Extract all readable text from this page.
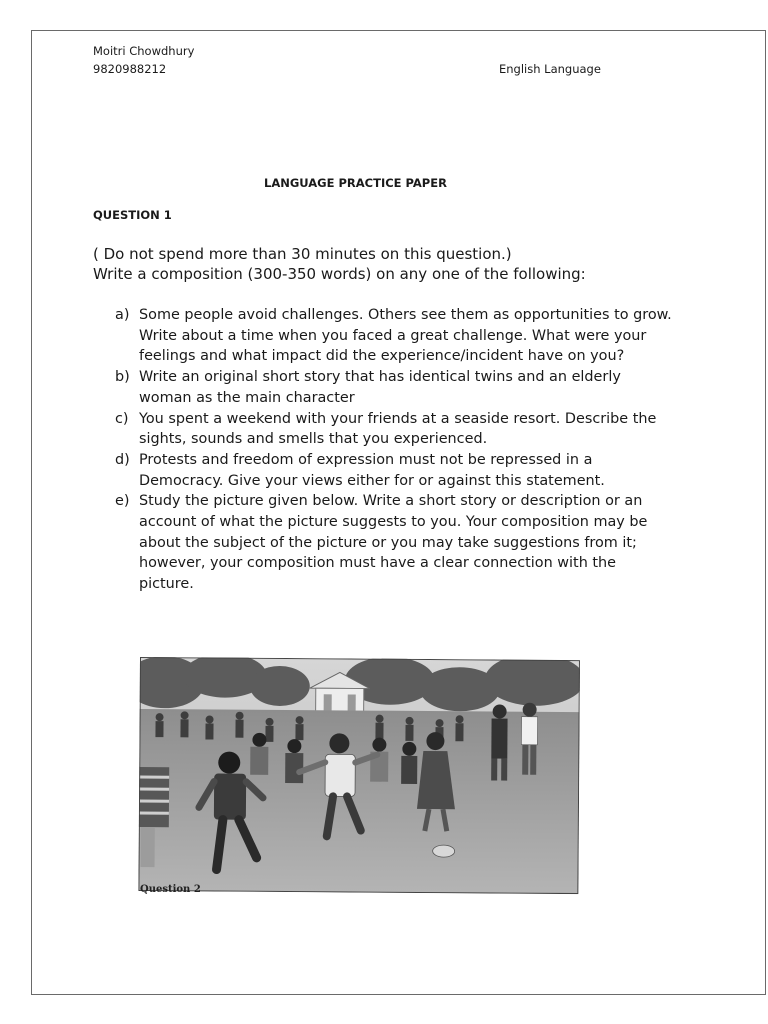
Moitri Chowdhury
9820988212	English Language
LANGUAGE PRACTICE PAPER
QUESTION 1
( Do not spend more than 30 minutes on this question.)
Write a composition (300-350 words) on any one of the following:
a) Some people avoid challenges. Others see them as opportunities to grow. Write about a time when you faced a great challenge. What were your feelings and what impact did the experience/incident have on you?
b) Write an original short story that has identical twins and an elderly woman as the main character
c) You spent a weekend with your friends at a seaside resort. Describe the sights, sounds and smells that you experienced.
d) Protests and freedom of expression must not be repressed in a Democracy. Give your views either for or against this statement.
e) Study the picture given below. Write a short story or description or an account of what the picture suggests to you. Your composition may be about the subject of the picture or you may take suggestions from it; however, your composition must have a clear connection with the picture.
Question 2
